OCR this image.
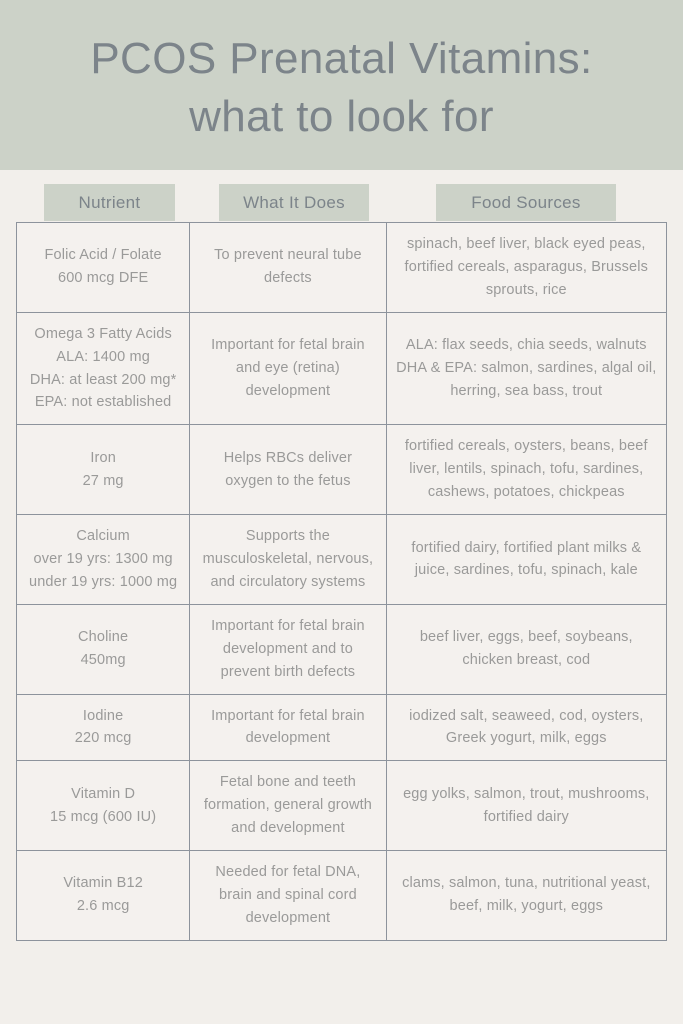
PCOS Prenatal Vitamins:
what to look for
Nutrient	What It Does	Food Sources
Folic Acid / Folate
600 mcg DFE	To prevent neural tube defects	spinach, beef liver, black eyed peas, fortified cereals, asparagus, Brussels sprouts, rice

Omega 3 Fatty Acids
ALA: 1400 mg
DHA: at least 200 mg*
EPA: not established	Important for fetal brain and eye (retina) development	ALA: flax seeds, chia seeds, walnuts
DHA & EPA: salmon, sardines, algal oil, herring, sea bass, trout

Iron
27 mg	Helps RBCs deliver oxygen to the fetus	fortified cereals, oysters, beans, beef liver, lentils, spinach, tofu, sardines, cashews, potatoes, chickpeas

Calcium
over 19 yrs: 1300 mg
under 19 yrs: 1000 mg	Supports the musculoskeletal, nervous, and circulatory systems	fortified dairy, fortified plant milks & juice, sardines, tofu, spinach, kale

Choline
450mg	Important for fetal brain development and to prevent birth defects	beef liver, eggs, beef, soybeans, chicken breast, cod

Iodine
220 mcg	Important for fetal brain development	iodized salt, seaweed, cod, oysters, Greek yogurt, milk, eggs

Vitamin D
15 mcg (600 IU)	Fetal bone and teeth formation, general growth and development	egg yolks, salmon, trout, mushrooms, fortified dairy

Vitamin B12
2.6 mcg	Needed for fetal DNA, brain and spinal cord development	clams, salmon, tuna, nutritional yeast, beef, milk, yogurt, eggs
